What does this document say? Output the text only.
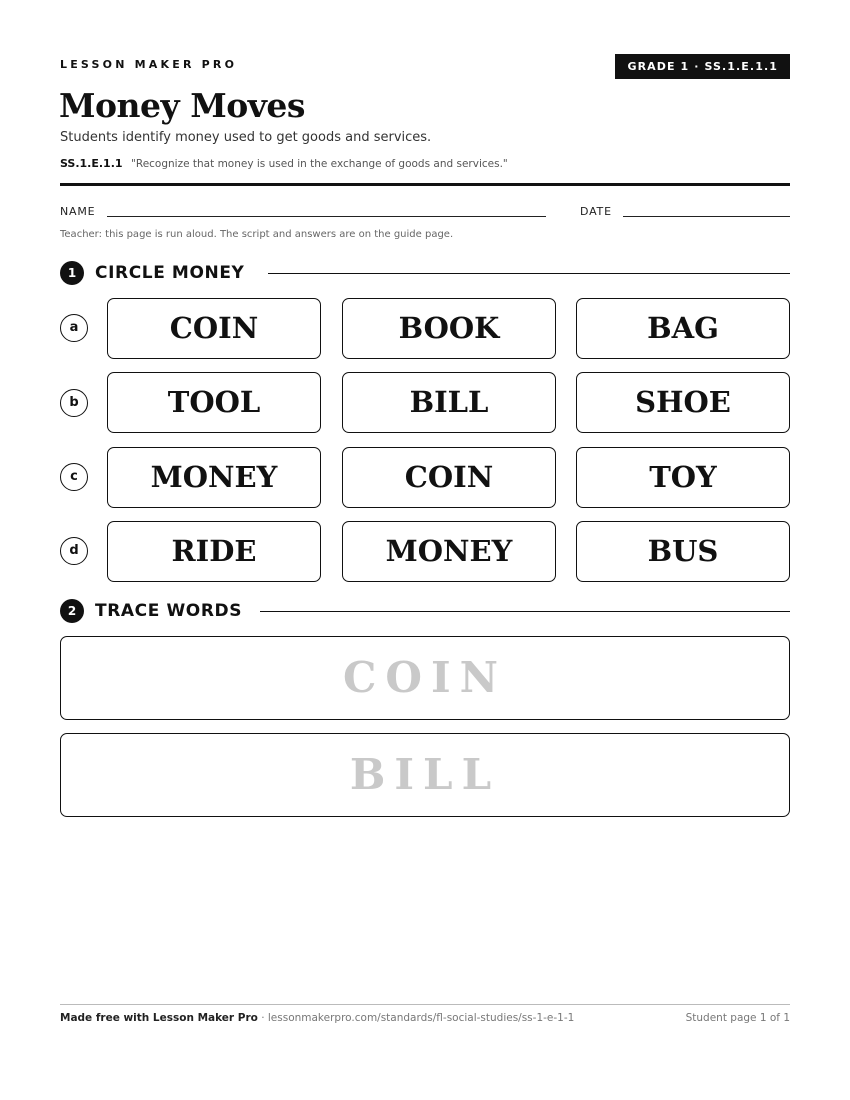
LESSON MAKER PRO	GRADE 1 · SS.1.E.1.1
Money Moves
Students identify money used to get goods and services.
SS.1.E.1.1 "Recognize that money is used in the exchange of goods and services."
NAME	DATE
Teacher: this page is run aloud. The script and answers are on the guide page.
1	CIRCLE MONEY
a	COIN	BOOK	BAG
b	TOOL	BILL	SHOE
c	MONEY	COIN	TOY
d	RIDE	MONEY	BUS
2	TRACE WORDS
COIN
BILL
Made free with Lesson Maker Pro · lessonmakerpro.com/standards/fl-social-studies/ss-1-e-1-1	Student page 1 of 1
